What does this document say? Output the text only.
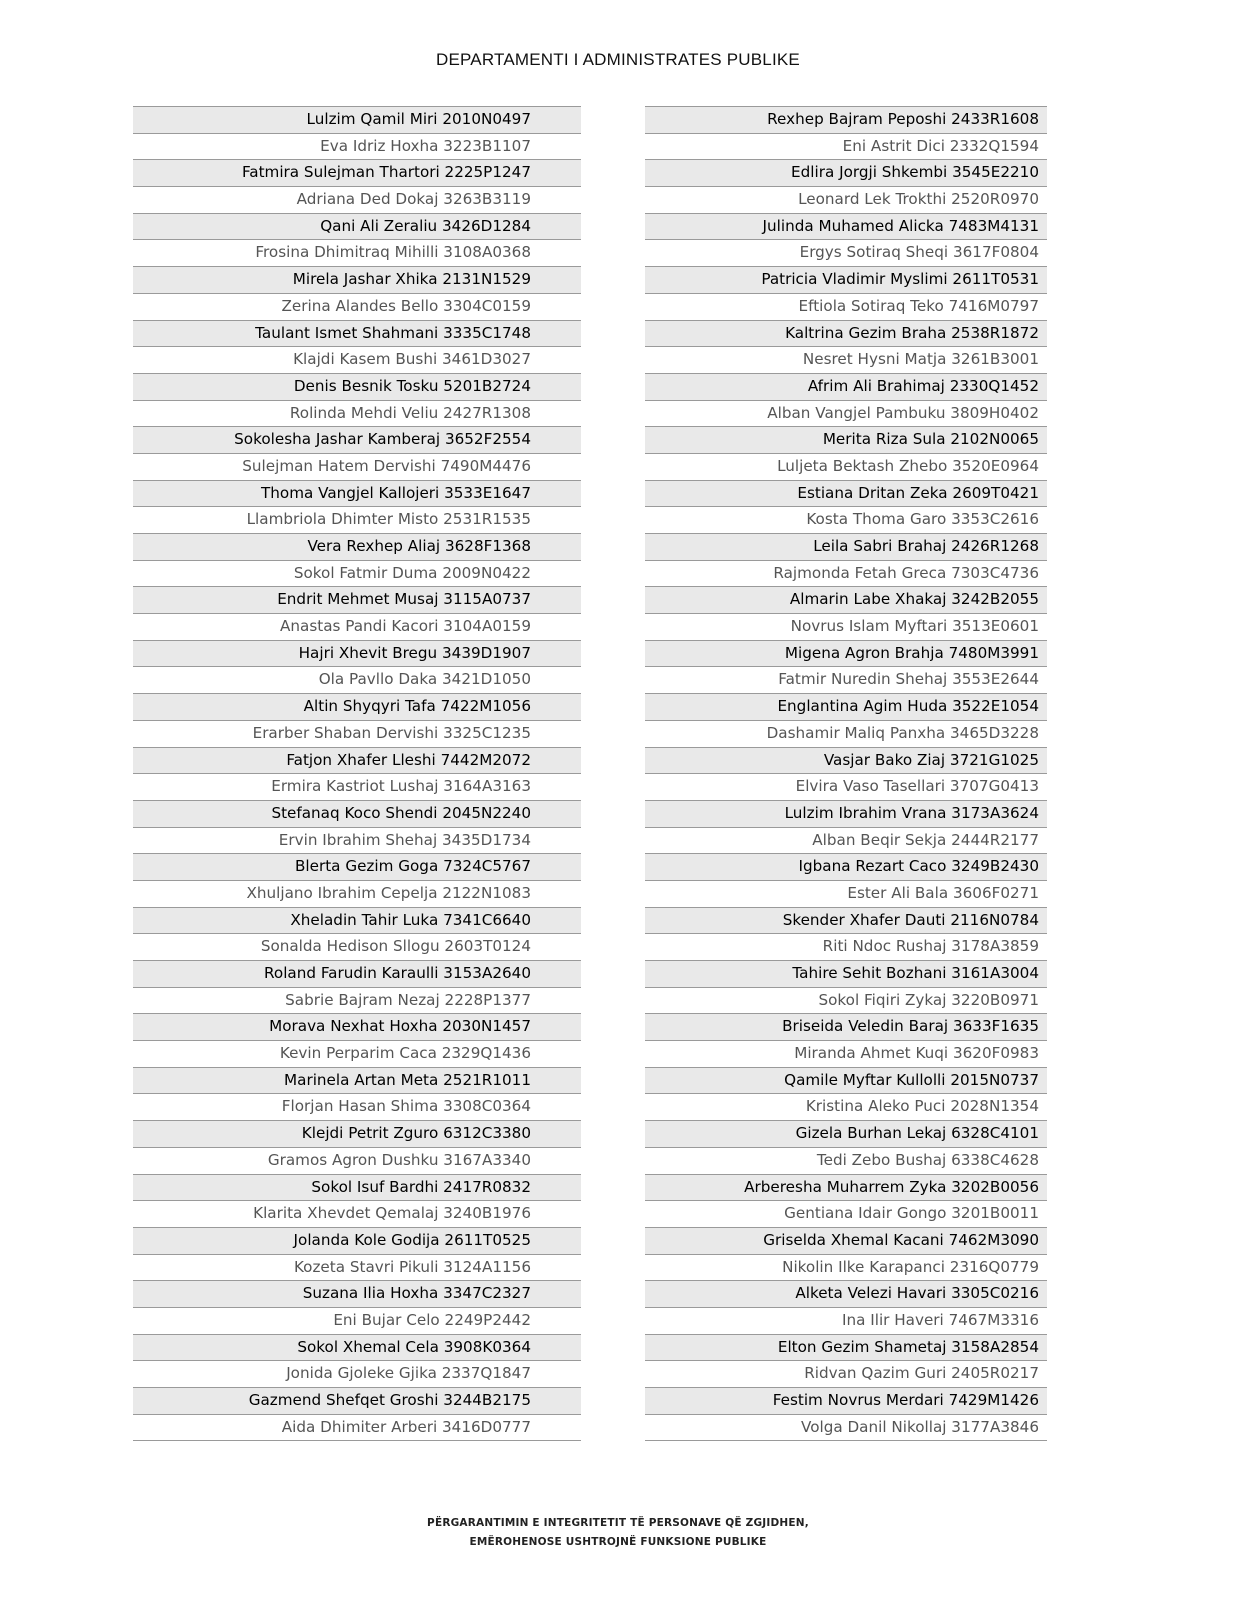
DEPARTAMENTI I ADMINISTRATES PUBLIKE
Lulzim Qamil Miri 2010N0497
Eva Idriz Hoxha 3223B1107
Fatmira Sulejman Thartori 2225P1247
Adriana Ded Dokaj 3263B3119
Qani Ali Zeraliu 3426D1284
Frosina Dhimitraq Mihilli 3108A0368
Mirela Jashar Xhika 2131N1529
Zerina Alandes Bello 3304C0159
Taulant Ismet Shahmani 3335C1748
Klajdi Kasem Bushi 3461D3027
Denis Besnik Tosku 5201B2724
Rolinda Mehdi Veliu 2427R1308
Sokolesha Jashar Kamberaj 3652F2554
Sulejman Hatem Dervishi 7490M4476
Thoma Vangjel Kallojeri 3533E1647
Llambriola Dhimter Misto 2531R1535
Vera Rexhep Aliaj 3628F1368
Sokol Fatmir Duma 2009N0422
Endrit Mehmet Musaj 3115A0737
Anastas Pandi Kacori 3104A0159
Hajri Xhevit Bregu 3439D1907
Ola Pavllo Daka 3421D1050
Altin Shyqyri Tafa 7422M1056
Erarber Shaban Dervishi 3325C1235
Fatjon Xhafer Lleshi 7442M2072
Ermira Kastriot Lushaj 3164A3163
Stefanaq Koco Shendi 2045N2240
Ervin Ibrahim Shehaj 3435D1734
Blerta Gezim Goga 7324C5767
Xhuljano Ibrahim Cepelja 2122N1083
Xheladin Tahir Luka 7341C6640
Sonalda Hedison Sllogu 2603T0124
Roland Farudin Karaulli 3153A2640
Sabrie Bajram Nezaj 2228P1377
Morava Nexhat Hoxha 2030N1457
Kevin Perparim Caca 2329Q1436
Marinela Artan Meta 2521R1011
Florjan Hasan Shima 3308C0364
Klejdi Petrit Zguro 6312C3380
Gramos Agron Dushku 3167A3340
Sokol Isuf Bardhi 2417R0832
Klarita Xhevdet Qemalaj 3240B1976
Jolanda Kole Godija 2611T0525
Kozeta Stavri Pikuli 3124A1156
Suzana Ilia Hoxha 3347C2327
Eni Bujar Celo 2249P2442
Sokol Xhemal Cela 3908K0364
Jonida Gjoleke Gjika 2337Q1847
Gazmend Shefqet Groshi 3244B2175
Aida Dhimiter Arberi 3416D0777
Rexhep Bajram Peposhi 2433R1608
Eni Astrit Dici 2332Q1594
Edlira Jorgji Shkembi 3545E2210
Leonard Lek Trokthi 2520R0970
Julinda Muhamed Alicka 7483M4131
Ergys Sotiraq Sheqi 3617F0804
Patricia Vladimir Myslimi 2611T0531
Eftiola Sotiraq Teko 7416M0797
Kaltrina Gezim Braha 2538R1872
Nesret Hysni Matja 3261B3001
Afrim Ali Brahimaj 2330Q1452
Alban Vangjel Pambuku 3809H0402
Merita Riza Sula 2102N0065
Luljeta Bektash Zhebo 3520E0964
Estiana Dritan Zeka 2609T0421
Kosta Thoma Garo 3353C2616
Leila Sabri Brahaj 2426R1268
Rajmonda Fetah Greca 7303C4736
Almarin Labe Xhakaj 3242B2055
Novrus Islam Myftari 3513E0601
Migena Agron Brahja 7480M3991
Fatmir Nuredin Shehaj 3553E2644
Englantina Agim Huda 3522E1054
Dashamir Maliq Panxha 3465D3228
Vasjar Bako Ziaj 3721G1025
Elvira Vaso Tasellari 3707G0413
Lulzim Ibrahim Vrana 3173A3624
Alban Beqir Sekja 2444R2177
Igbana Rezart Caco 3249B2430
Ester Ali Bala 3606F0271
Skender Xhafer Dauti 2116N0784
Riti Ndoc Rushaj 3178A3859
Tahire Sehit Bozhani 3161A3004
Sokol Fiqiri Zykaj 3220B0971
Briseida Veledin Baraj 3633F1635
Miranda Ahmet Kuqi 3620F0983
Qamile Myftar Kullolli 2015N0737
Kristina Aleko Puci 2028N1354
Gizela Burhan Lekaj 6328C4101
Tedi Zebo Bushaj 6338C4628
Arberesha Muharrem Zyka 3202B0056
Gentiana Idair Gongo 3201B0011
Griselda Xhemal Kacani 7462M3090
Nikolin Ilke Karapanci 2316Q0779
Alketa Velezi Havari 3305C0216
Ina Ilir Haveri 7467M3316
Elton Gezim Shametaj 3158A2854
Ridvan Qazim Guri 2405R0217
Festim Novrus Merdari 7429M1426
Volga Danil Nikollaj 3177A3846
PËRGARANTIMIN E INTEGRITETIT TË PERSONAVE QË ZGJIDHEN,
EMËROHENOSE USHTROJNË FUNKSIONE PUBLIKE
